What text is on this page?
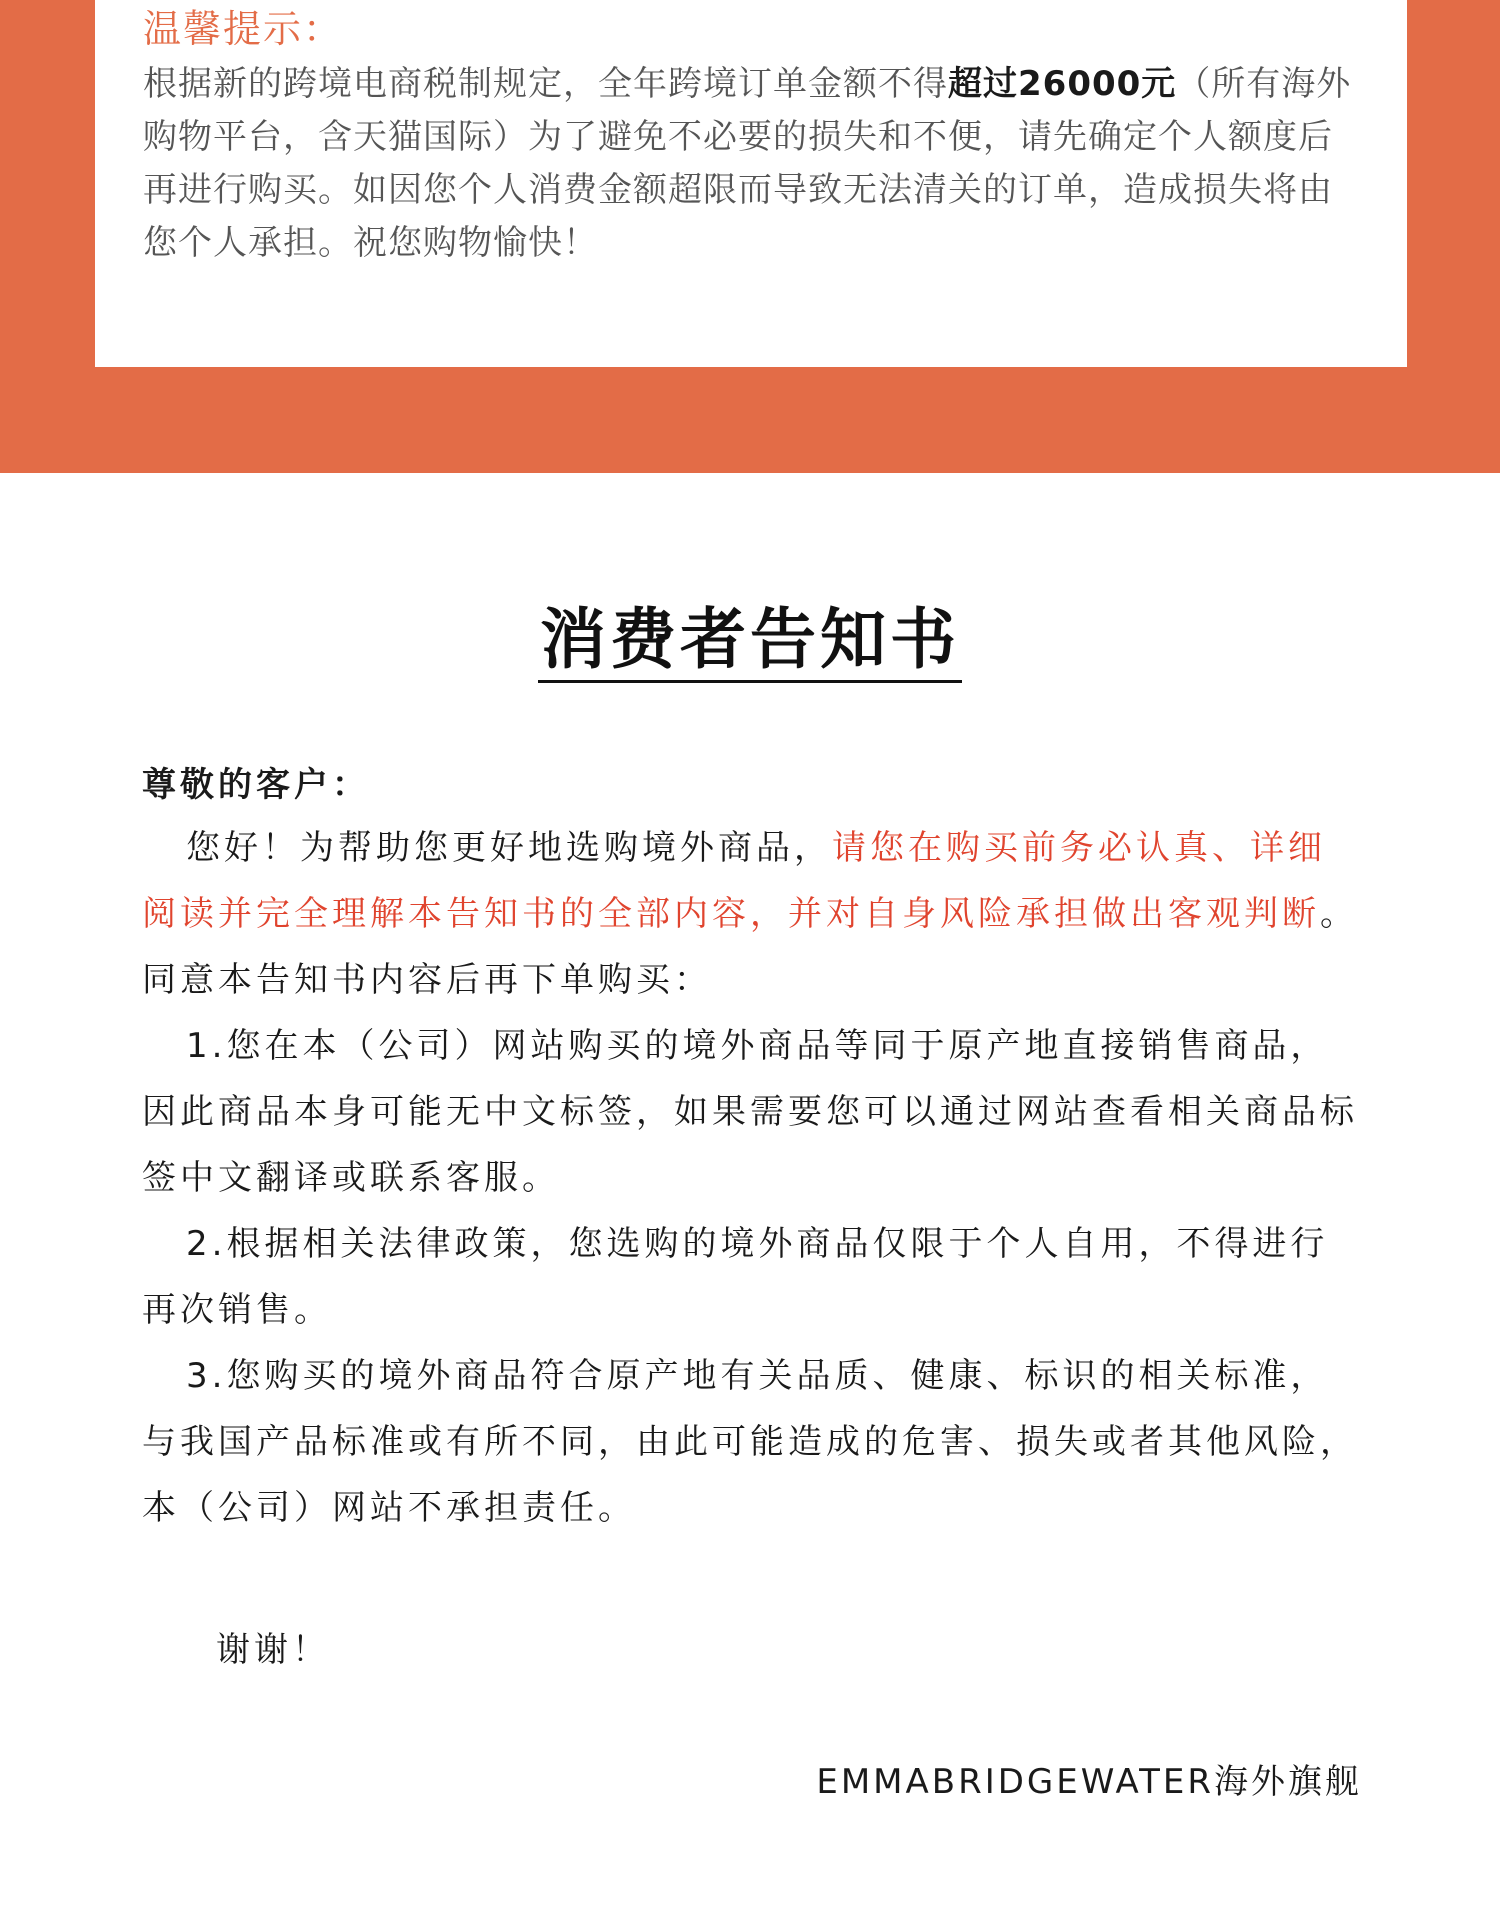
温馨提示：
根据新的跨境电商税制规定，全年跨境订单金额不得超过26000元（所有海外购物平台，含天猫国际）为了避免不必要的损失和不便，请先确定个人额度后再进行购买。如因您个人消费金额超限而导致无法清关的订单，造成损失将由您个人承担。祝您购物愉快！
消费者告知书

尊敬的客户：

您好！为帮助您更好地选购境外商品，请您在购买前务必认真、详细阅读并完全理解本告知书的全部内容，并对自身风险承担做出客观判断。同意本告知书内容后再下单购买：

1.您在本（公司）网站购买的境外商品等同于原产地直接销售商品，因此商品本身可能无中文标签，如果需要您可以通过网站查看相关商品标签中文翻译或联系客服。

2.根据相关法律政策，您选购的境外商品仅限于个人自用，不得进行再次销售。

3.您购买的境外商品符合原产地有关品质、健康、标识的相关标准，与我国产品标准或有所不同，由此可能造成的危害、损失或者其他风险，本（公司）网站不承担责任。

谢谢！
EMMABRIDGEWATER海外旗舰
